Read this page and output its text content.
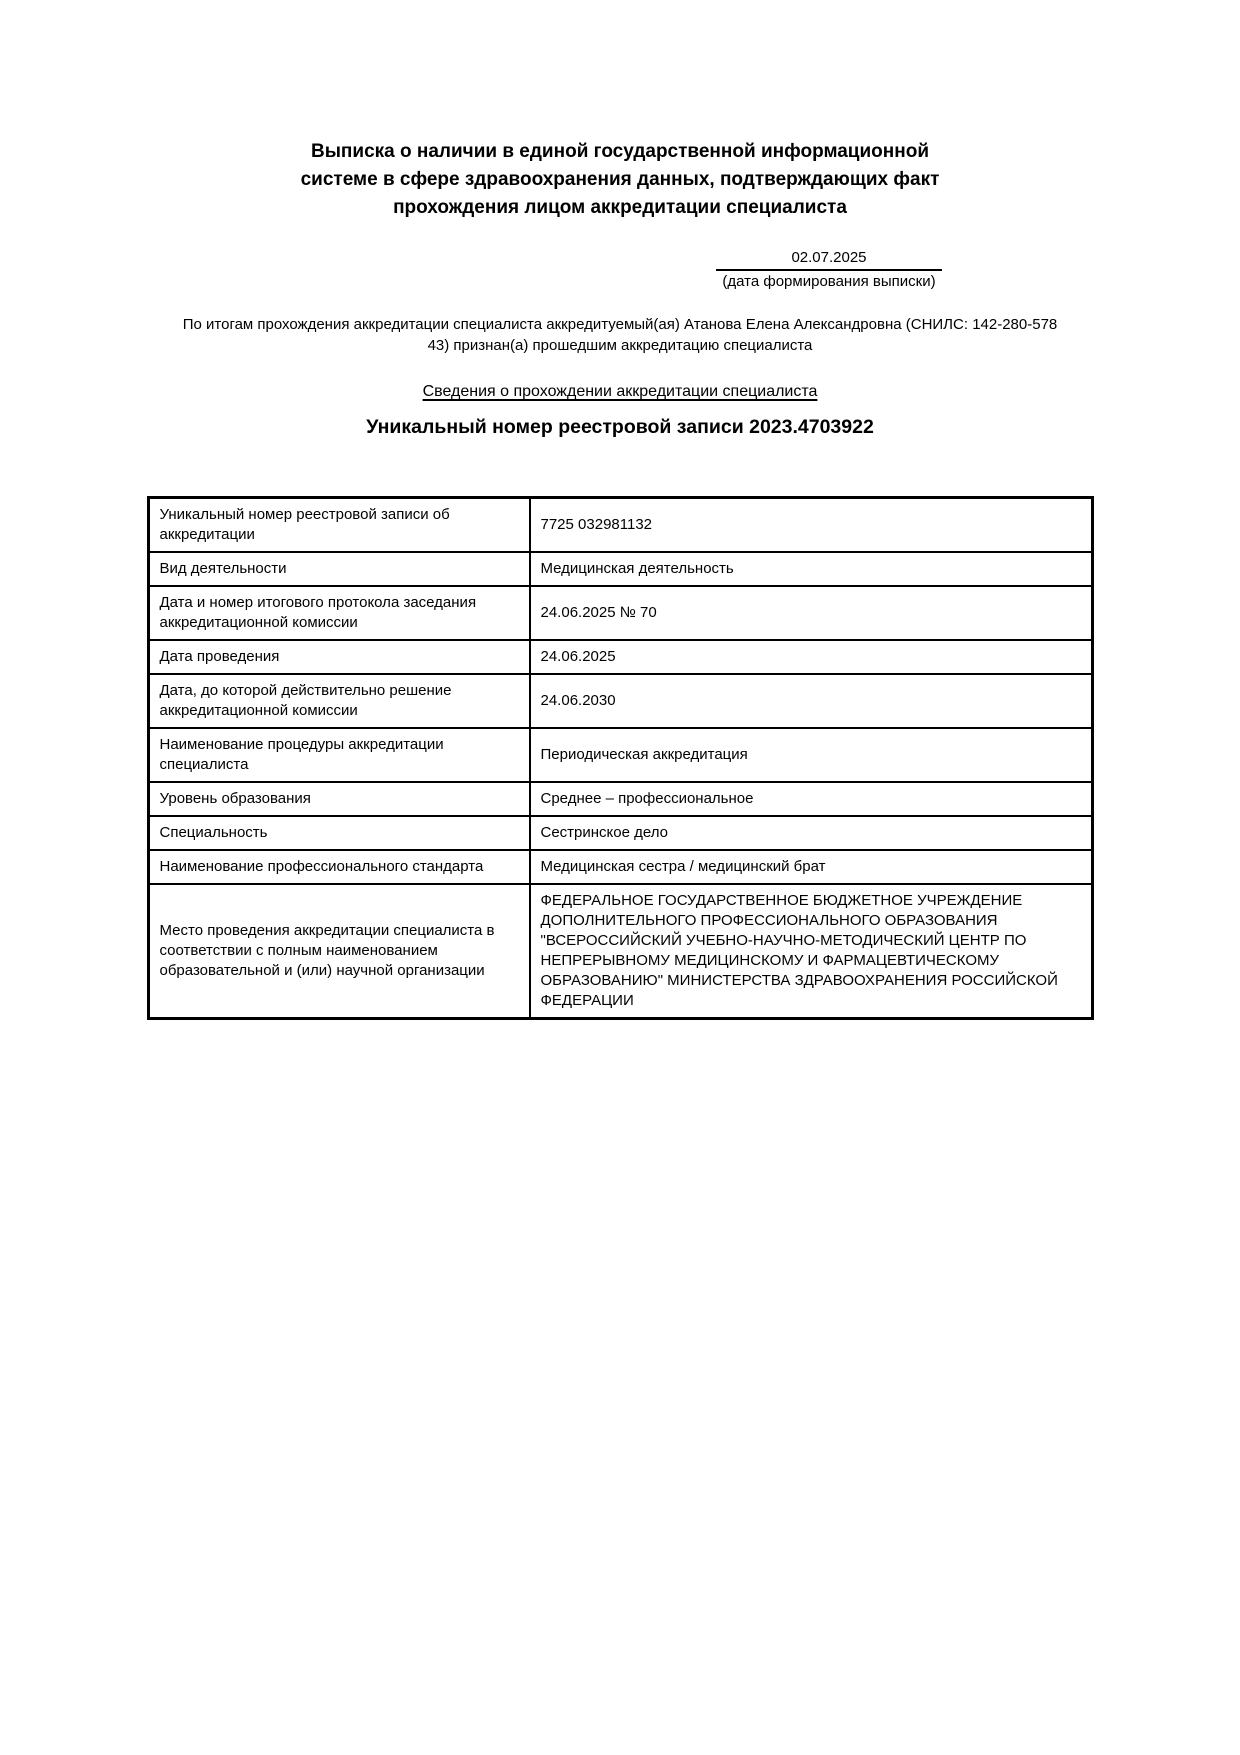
Выписка о наличии в единой государственной информационной
системе в сфере здравоохранения данных, подтверждающих факт
прохождения лицом аккредитации специалиста
02.07.2025
(дата формирования выписки)
По итогам прохождения аккредитации специалиста аккредитуемый(ая) Атанова Елена Александровна (СНИЛС: 142-280-578
43) признан(а) прошедшим аккредитацию специалиста
Сведения о прохождении аккредитации специалиста
Уникальный номер реестровой записи 2023.4703922
Уникальный номер реестровой записи об аккредитации	7725 032981132
Вид деятельности	Медицинская деятельность
Дата и номер итогового протокола заседания аккредитационной комиссии	24.06.2025 № 70
Дата проведения	24.06.2025
Дата, до которой действительно решение аккредитационной комиссии	24.06.2030
Наименование процедуры аккредитации специалиста	Периодическая аккредитация
Уровень образования	Среднее – профессиональное
Специальность	Сестринское дело
Наименование профессионального стандарта	Медицинская сестра / медицинский брат
Место проведения аккредитации специалиста в соответствии с полным наименованием образовательной и (или) научной организации	ФЕДЕРАЛЬНОЕ ГОСУДАРСТВЕННОЕ БЮДЖЕТНОЕ УЧРЕЖДЕНИЕ ДОПОЛНИТЕЛЬНОГО ПРОФЕССИОНАЛЬНОГО ОБРАЗОВАНИЯ "ВСЕРОССИЙСКИЙ УЧЕБНО-НАУЧНО-МЕТОДИЧЕСКИЙ ЦЕНТР ПО НЕПРЕРЫВНОМУ МЕДИЦИНСКОМУ И ФАРМАЦЕВТИЧЕСКОМУ ОБРАЗОВАНИЮ" МИНИСТЕРСТВА ЗДРАВООХРАНЕНИЯ РОССИЙСКОЙ ФЕДЕРАЦИИ
